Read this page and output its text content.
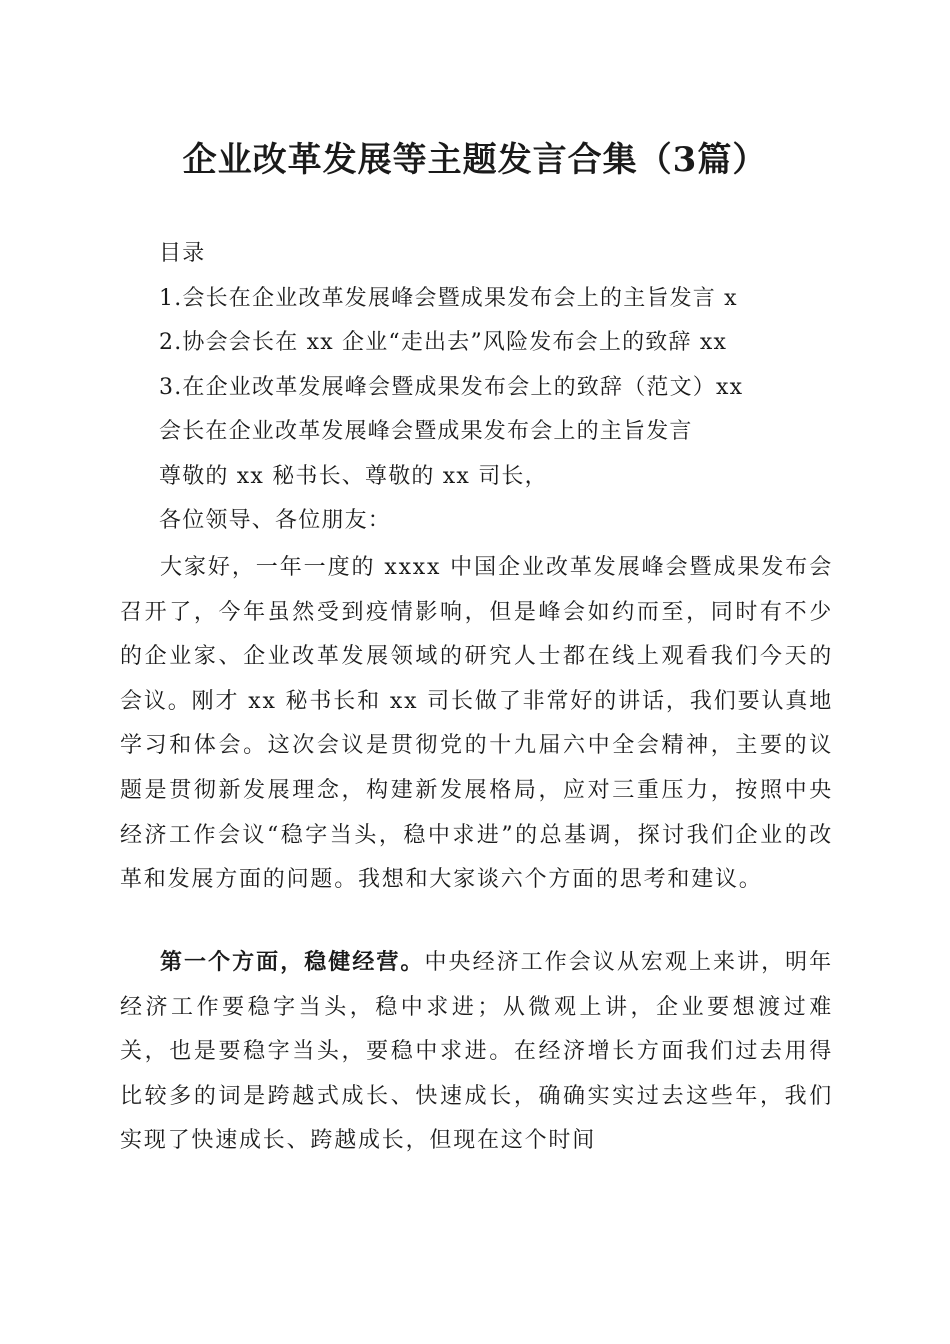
企业改革发展等主题发言合集（3篇）
目录
1.会长在企业改革发展峰会暨成果发布会上的主旨发言 x
2.协会会长在 xx 企业“走出去”风险发布会上的致辞 xx
3.在企业改革发展峰会暨成果发布会上的致辞（范文）xx
会长在企业改革发展峰会暨成果发布会上的主旨发言
尊敬的 xx 秘书长、尊敬的 xx 司长，
各位领导、各位朋友：

大家好，一年一度的 xxxx 中国企业改革发展峰会暨成果发布会召开了，今年虽然受到疫情影响，但是峰会如约而至，同时有不少的企业家、企业改革发展领域的研究人士都在线上观看我们今天的会议。刚才 xx 秘书长和 xx 司长做了非常好的讲话，我们要认真地学习和体会。这次会议是贯彻党的十九届六中全会精神，主要的议题是贯彻新发展理念，构建新发展格局，应对三重压力，按照中央经济工作会议“稳字当头，稳中求进”的总基调，探讨我们企业的改革和发展方面的问题。我想和大家谈六个方面的思考和建议。

第一个方面，稳健经营。中央经济工作会议从宏观上来讲，明年经济工作要稳字当头，稳中求进；从微观上讲，企业要想渡过难关，也是要稳字当头，要稳中求进。在经济增长方面我们过去用得比较多的词是跨越式成长、快速成长，确确实实过去这些年，我们实现了快速成长、跨越成长，但现在这个时间
